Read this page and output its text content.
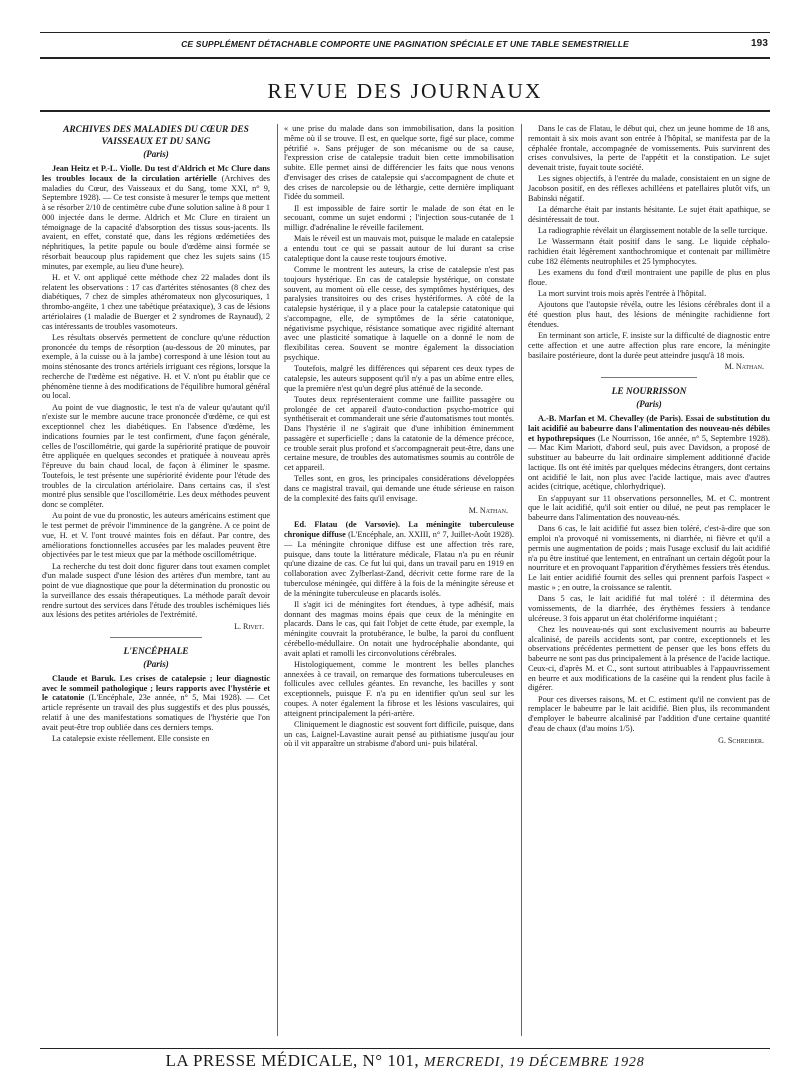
CE SUPPLÉMENT DÉTACHABLE COMPORTE UNE PAGINATION SPÉCIALE ET UNE TABLE SEMESTRIELLE	193
REVUE DES JOURNAUX
ARCHIVES DES MALADIES DU CŒUR DES VAISSEAUX ET DU SANG
(Paris)

Jean Heitz et P.-L. Violle. Du test d'Aldrich et Mc Clure dans les troubles locaux de la circulation artérielle (Archives des maladies du Cœur, des Vaisseaux et du Sang, tome XXI, n° 9, Septembre 1928). — Ce test consiste à mesurer le temps que mettent à se résorber 2/10 de centimètre cube d'une solution saline à 8 pour 1 000 injectée dans le derme. Aldrich et Mc Clure en tiraient un témoignage de la capacité d'absorption des tissus sous-jacents. Ils avaient, en effet, constaté que, dans les régions œdémetiées des néphritiques, la petite papule ou boule d'œdème ainsi formée se résorbait beaucoup plus rapidement que chez les sujets sains (15 minutes, par exemple, au lieu d'une heure).

H. et V. ont appliqué cette méthode chez 22 malades dont ils relatent les observations : 17 cas d'artérites sténosantes (8 chez des diabétiques, 7 chez de simples athéromateux non glycosuriques, 1 thrombo-angéite, 1 chez une tabétique préataxique), 3 cas de lésions artériolaires (1 maladie de Buerger et 2 syndromes de Raynaud), 2 cas intéressants de troubles vasomoteurs.

Les résultats observés permettent de conclure qu'une réduction prononcée du temps de résorption (au-dessous de 20 minutes, par exemple, à la cuisse ou à la jambe) correspond à une lésion tout au moins sténosante des troncs artériels irriguant ces régions, lorsque la recherche de l'œdème est négative. H. et V. n'ont pu établir que ce phénomène tienne à des modifications de l'équilibre humoral général ou local.

Au point de vue diagnostic, le test n'a de valeur qu'autant qu'il n'existe sur le membre aucune trace prononcée d'œdème, ce qui est exceptionnel chez les diabétiques. En l'absence d'œdème, les indications fournies par le test confirment, d'une façon générale, celles de l'oscillométrie, qui garde la supériorité pratique de pouvoir être appliquée en quelques secondes et pratiquée à nouveau après l'épreuve du bain chaud local, de façon à éliminer le spasme. Toutefois, le test présente une supériorité évidente pour l'étude des troubles de la circulation artériolaire. Dans certains cas, il s'est montré plus sensible que l'oscillométrie. Les deux méthodes peuvent donc se compléter.

Au point de vue du pronostic, les auteurs américains estiment que le test permet de prévoir l'imminence de la gangrène. A ce point de vue, H. et V. l'ont trouvé maintes fois en défaut. Par contre, des améliorations fonctionnelles accusées par les malades peuvent être objectivées par le test mieux que par la méthode oscillométrique.

La recherche du test doit donc figurer dans tout examen complet d'un malade suspect d'une lésion des artères d'un membre, tant au point de vue diagnostique que pour la détermination du pronostic ou la surveillance des essais thérapeutiques. La méthode paraît devoir rendre surtout des services dans l'étude des troubles ischémiques liés aux lésions des petites artérioles de l'extrémité.

L. Rivet.
L'ENCÉPHALE
(Paris)

Claude et Baruk. Les crises de catalepsie ; leur diagnostic avec le sommeil pathologique ; leurs rapports avec l'hystérie et le catatonie (L'Encéphale, 23e année, n° 5, Mai 1928). — Cet article représente un travail des plus suggestifs et des plus poussés, relatif à une des manifestations somatiques de l'hystérie que l'on avait peut-être trop oubliée dans ces derniers temps.

La catalepsie existe réellement. Elle consiste en

« une prise du malade dans son immobilisation, dans la position même où il se trouve. Il est, en quelque sorte, figé sur place, comme pétrifié ». Sans préjuger de son mécanisme ou de sa cause, l'expression crise de catalepsie traduit bien cette immobilisation subite. Elle permet ainsi de différencier les faits que nous venons d'envisager des crises de catalepsie qui s'accompagnent de chute et des crises de narcolepsie ou de léthargie, cette dernière impliquant l'idée du sommeil.

Il est impossible de faire sortir le malade de son état en le secouant, comme un sujet endormi ; l'injection sous-cutanée de 1 milligr. d'adrénaline le réveille facilement.

Mais le réveil est un mauvais mot, puisque le malade en catalepsie a entendu tout ce qui se passait autour de lui durant sa crise cataleptique dont la cause reste toujours émotive.

Comme le montrent les auteurs, la crise de catalepsie n'est pas toujours hystérique. En cas de catalepsie hystérique, on constate souvent, au moment où elle cesse, des symptômes hystériques, des paralysies transitoires ou des crises hystériformes. A côté de la catalepsie hystérique, il y a place pour la catalepsie catatonique qui s'accompagne, elle, de symptômes de la série catatonique, négativisme psychique, résistance somatique avec rigidité alternant avec une plasticité somatique à laquelle on a donné le nom de flexibilitas cerea. Souvent se montre également la dissociation psychique.

Toutefois, malgré les différences qui séparent ces deux types de catalepsie, les auteurs supposent qu'il n'y a pas un abîme entre elles, que la première n'est qu'un degré plus atténué de la seconde.

Toutes deux représenteraient comme une faillite passagère ou prolongée de cet appareil d'auto-conduction psycho-motrice qui synthétiserait et commanderait une série d'automatismes tout montés. Dans l'hystérie il ne s'agirait que d'une inhibition éminemment passagère et superficielle ; dans la catatonie de la démence précoce, ce trouble serait plus profond et s'accompagnerait peut-être, dans une certaine mesure, de troubles des automatismes soumis au contrôle de cet appareil.

Telles sont, en gros, les principales considérations développées dans ce magistral travail, qui demande une étude sérieuse en raison de la complexité des faits qu'il envisage.

M. Nathan.

Ed. Flatau (de Varsovie). La méningite tuberculeuse chronique diffuse (L'Encéphale, an. XXIII, n° 7, Juillet-Août 1928). — La méningite chronique diffuse est une affection très rare, puisque, dans toute la littérature médicale, Flatau n'a pu en réunir qu'une dizaine de cas. Ce fut lui qui, dans un travail paru en 1919 en collaboration avec Zylberlast-Zand, décrivit cette forme rare de la tuberculose méningée, qui diffère à la fois de la méningite séreuse et de la méningite tuberculeuse en placards isolés.

Il s'agit ici de méningites fort étendues, à type adhésif, mais donnant des magmas moins épais que ceux de la méningite en placards. Dans le cas, qui fait l'objet de cette étude, par exemple, la méningite couvrait la protubérance, le bulbe, la paroi du confluent cérébello-médullaire. On notait une hydrocéphalie abondante, qui avait aplati et ramolli les circonvolutions cérébrales.

Histologiquement, comme le montrent les belles planches annexées à ce travail, on remarque des formations tuberculeuses en follicules avec cellules géantes. En revanche, les bacilles y sont exceptionnels, puisque F. n'a pu en identifier qu'un seul sur les coupes. A noter également la fibrose et les lésions vasculaires, qui atteignent principalement la péri-artère.

Cliniquement le diagnostic est souvent fort difficile, puisque, dans un cas, Laignel-Lavastine aurait pensé au pithiatisme jusqu'au jour où il vit apparaître un strabisme d'abord uni- puis bilatéral.

Dans le cas de Flatau, le début qui, chez un jeune homme de 18 ans, remontait à six mois avant son entrée à l'hôpital, se manifesta par de la céphalée frontale, accompagnée de vomissements. Puis survinrent des crises convulsives, la perte de l'appétit et la constipation. Le sujet devenait triste, fuyait toute société.

Les signes objectifs, à l'entrée du malade, consistaient en un signe de Jacobson positif, en des réflexes achilléens et patellaires plutôt vifs, un Babinski négatif.

La démarche était par instants hésitante. Le sujet était apathique, se désintéressait de tout.

La radiographie révélait un élargissement notable de la selle turcique.

Le Wassermann était positif dans le sang. Le liquide céphalo-rachidien était légèrement xanthochromique et contenait par millimètre cube 182 éléments neutrophiles et 25 lymphocytes.

Les examens du fond d'œil montraient une papille de plus en plus floue.

La mort survint trois mois après l'entrée à l'hôpital.

Ajoutons que l'autopsie révéla, outre les lésions cérébrales dont il a été question plus haut, des lésions de méningite rachidienne fort étendues.

En terminant son article, F. insiste sur la difficulté de diagnostic entre cette affection et une autre affection plus rare encore, la méningite basilaire postérieure, dont la durée peut atteindre jusqu'à 18 mois.

M. Nathan.
LE NOURRISSON
(Paris)

A.-B. Marfan et M. Chevalley (de Paris). Essai de substitution du lait acidifié au babeurre dans l'alimentation des nouveau-nés débiles et hypothrepsiques (Le Nourrisson, 16e année, n° 5, Septembre 1928). — Mac Kim Mariott, d'abord seul, puis avec Davidson, a proposé de substituer au babeurre du lait ordinaire simplement additionné d'acide lactique. Ils ont été imités par quelques médecins étrangers, dont certains ont acidifié le lait, non plus avec l'acide lactique, mais avec d'autres acides (citrique, acétique, chlorhydrique).

En s'appuyant sur 11 observations personnelles, M. et C. montrent que le lait acidifié, qu'il soit entier ou dilué, ne peut pas remplacer le babeurre dans l'alimentation des nouveau-nés.

Dans 6 cas, le lait acidifié fut assez bien toléré, c'est-à-dire que son emploi n'a provoqué ni vomissements, ni diarrhée, ni fièvre et qu'il a permis une augmentation de poids ; mais l'usage exclusif du lait acidifié n'a pu être institué que lentement, en entraînant un certain dégoût pour la nourriture et en provoquant l'apparition d'érythèmes fessiers très étendus. Le lait entier acidifié fournit des selles qui prennent parfois l'aspect « mastic » ; en outre, la croissance se ralentit.

Dans 5 cas, le lait acidifié fut mal toléré : il détermina des vomissements, de la diarrhée, des érythèmes fessiers à tendance ulcéreuse. 3 fois apparut un état cholériforme inquiétant ;

Chez les nouveau-nés qui sont exclusivement nourris au babeurre alcalinisé, de pareils accidents sont, par contre, exceptionnels et les observations précédentes permettent de penser que les bons effets du babeurre ne sont pas dus principalement à la présence de l'acide lactique. Ceux-ci, d'après M. et C., sont surtout attribuables à l'appauvrissement en beurre et aux modifications de la caséine qui la rendent plus facile à digérer.

Pour ces diverses raisons, M. et C. estiment qu'il ne convient pas de remplacer le babeurre par le lait acidifié. Bien plus, ils recommandent d'employer le babeurre alcalinisé par l'addition d'une certaine quantité d'eau de chaux (d'au moins 1/5).

G. Schreiber.
LA PRESSE MÉDICALE, N° 101, MERCREDI, 19 DÉCEMBRE 1928
